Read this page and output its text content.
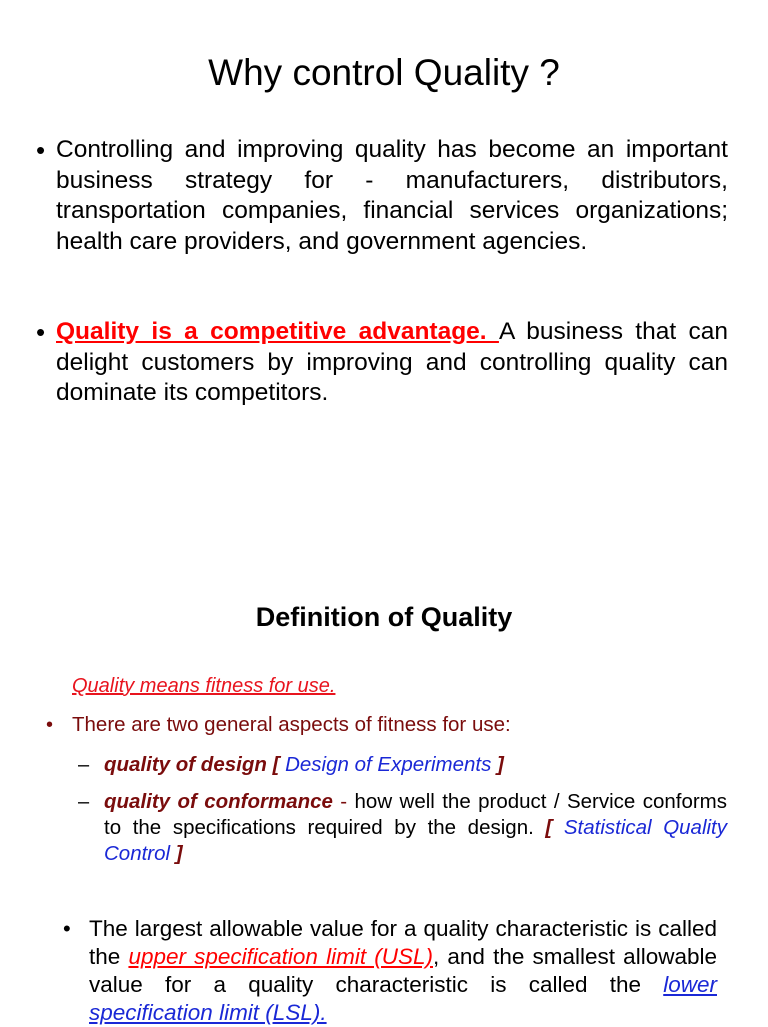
Why control Quality ?
• Controlling and improving quality has become an important business strategy for - manufacturers, distributors, transportation companies, financial services organizations; health care providers, and government agencies.
• Quality is a competitive advantage. A business that can delight customers by improving and controlling quality can dominate its competitors.
Definition of Quality
Quality means fitness for use.
• There are two general aspects of fitness for use:
– quality of design [ Design of Experiments ]
– quality of conformance - how well the product / Service conforms to the specifications required by the design. [ Statistical Quality Control ]
• The largest allowable value for a quality characteristic is called the upper specification limit (USL), and the smallest allowable value for a quality characteristic is called the lower specification limit (LSL).
